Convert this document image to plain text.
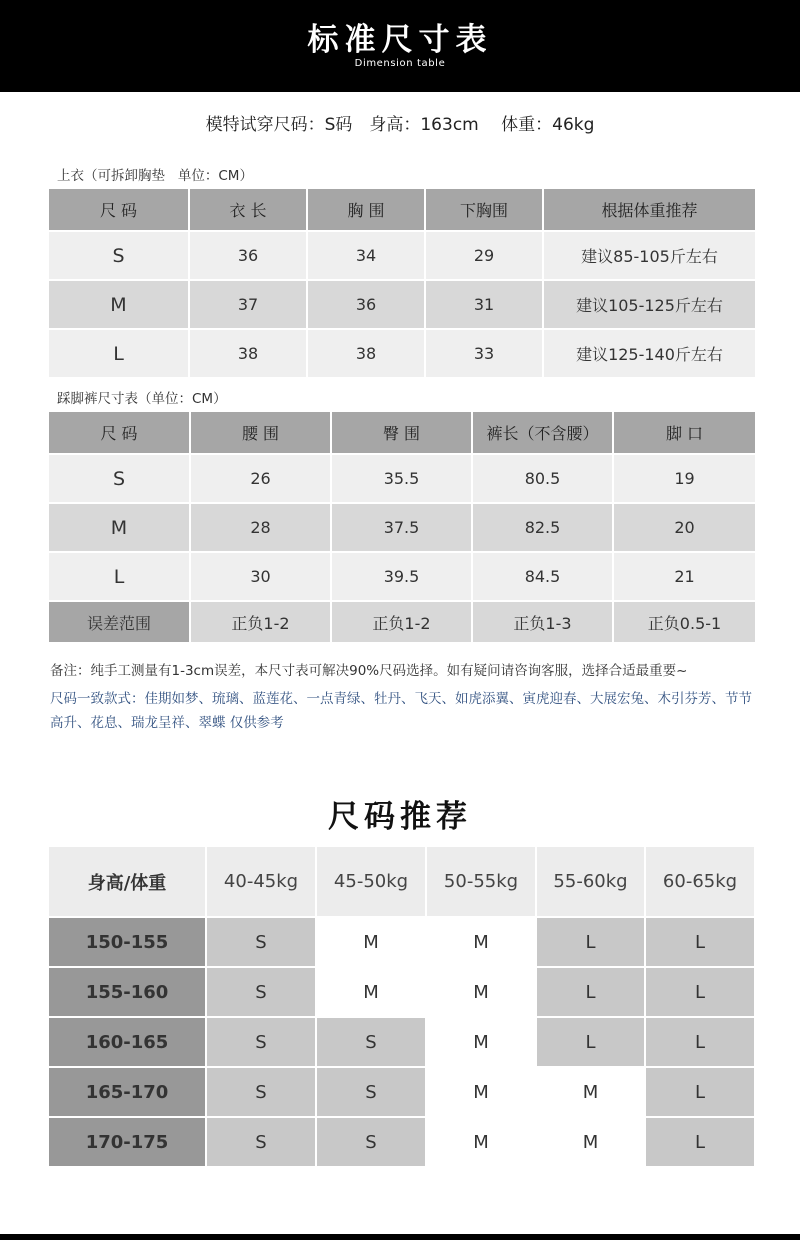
标准尺寸表
Dimension table
模特试穿尺码：S码　身高：163cm　 体重：46kg
上衣（可拆卸胸垫   单位：CM）
尺 码	衣 长	胸 围	下胸围	根据体重推荐
S	36	34	29	建议85-105斤左右
M	37	36	31	建议105-125斤左右
L	38	38	33	建议125-140斤左右
踩脚裤尺寸表（单位：CM）
尺 码	腰 围	臀 围	裤长（不含腰）	脚 口
S	26	35.5	80.5	19
M	28	37.5	82.5	20
L	30	39.5	84.5	21
误差范围	正负1-2	正负1-2	正负1-3	正负0.5-1
备注：纯手工测量有1-3cm误差，本尺寸表可解决90%尺码选择。如有疑问请咨询客服，选择合适最重要~
尺码一致款式：佳期如梦、琉璃、蓝莲花、一点青绿、牡丹、飞天、如虎添翼、寅虎迎春、大展宏兔、木引芬芳、节节高升、花息、瑞龙呈祥、翠蝶 仅供参考
尺码推荐
身高/体重	40-45kg	45-50kg	50-55kg	55-60kg	60-65kg
150-155	S	M	M	L	L
155-160	S	M	M	L	L
160-165	S	S	M	L	L
165-170	S	S	M	M	L
170-175	S	S	M	M	L
